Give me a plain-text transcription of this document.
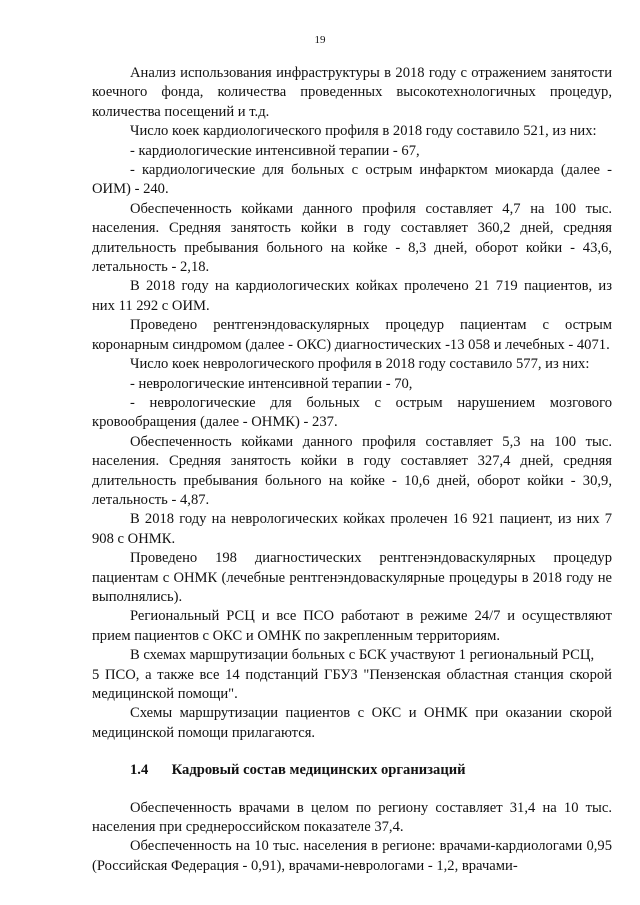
19

Анализ использования инфраструктуры в 2018 году с отражением занятости коечного фонда, количества проведенных высокотехнологичных процедур, количества посещений и т.д.

Число коек кардиологического профиля в 2018 году составило 521, из них:

- кардиологические интенсивной терапии - 67,

- кардиологические для больных с острым инфарктом миокарда (далее - ОИМ) - 240.

Обеспеченность койками данного профиля составляет 4,7 на 100 тыс. населения. Средняя занятость койки в году составляет 360,2 дней, средняя длительность пребывания больного на койке - 8,3 дней, оборот койки - 43,6, летальность - 2,18.

В 2018 году на кардиологических койках пролечено 21 719 пациентов, из них 11 292 с ОИМ.

Проведено рентгенэндоваскулярных процедур пациентам с острым коронарным синдромом (далее - ОКС) диагностических -13 058 и лечебных - 4071.

Число коек неврологического профиля в 2018 году составило 577, из них:

- неврологические интенсивной терапии - 70,

- неврологические для больных с острым нарушением мозгового кровообращения (далее - ОНМК) - 237.

Обеспеченность койками данного профиля составляет 5,3 на 100 тыс. населения. Средняя занятость койки в году составляет 327,4 дней, средняя длительность пребывания больного на койке - 10,6 дней, оборот койки - 30,9, летальность - 4,87.

В 2018 году на неврологических койках пролечен 16 921 пациент, из них 7 908 с ОНМК.

Проведено 198 диагностических рентгенэндоваскулярных процедур пациентам с ОНМК (лечебные рентгенэндоваскулярные процедуры в 2018 году не выполнялись).

Региональный РСЦ и все ПСО работают в режиме 24/7 и осуществляют прием пациентов с ОКС и ОМНК по закрепленным территориям.

В схемах маршрутизации больных с БСК участвуют 1 региональный РСЦ,

5 ПСО, а также все 14 подстанций ГБУЗ "Пензенская областная станция скорой медицинской помощи".

Схемы маршрутизации пациентов с ОКС и ОНМК при оказании скорой медицинской помощи прилагаются.

1.4 Кадровый состав медицинских организаций

Обеспеченность врачами в целом по региону составляет 31,4 на 10 тыс. населения при среднероссийском показателе 37,4.

Обеспеченность на 10 тыс. населения в регионе: врачами-кардиологами 0,95 (Российская Федерация - 0,91), врачами-неврологами - 1,2, врачами-
